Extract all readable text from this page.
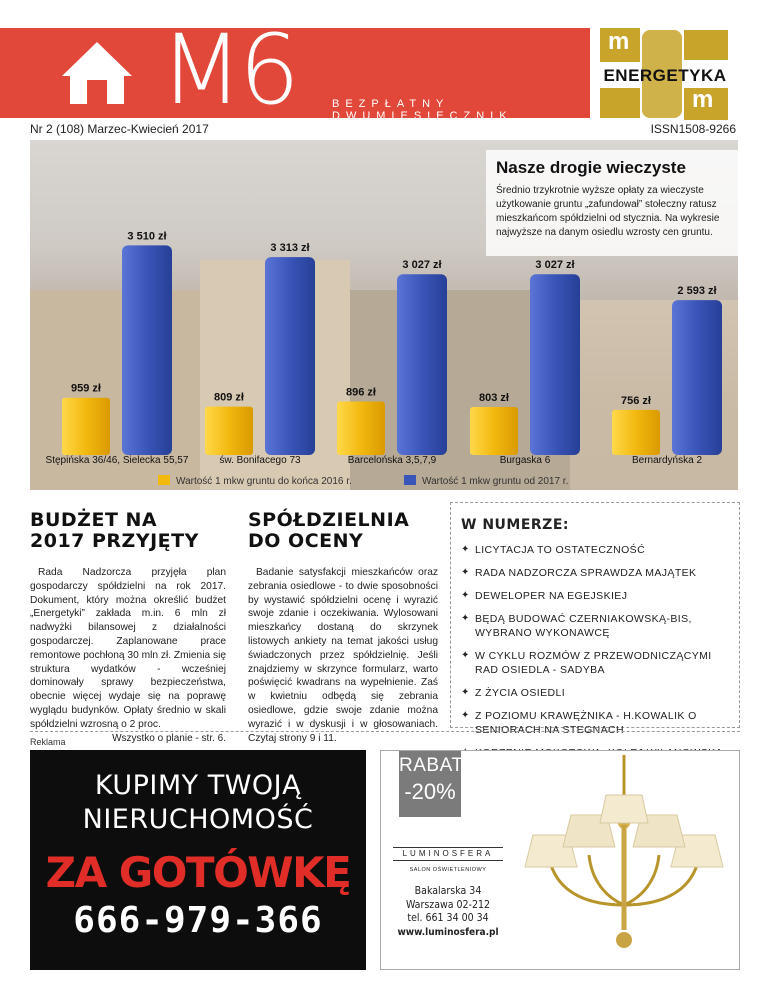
M6	BEZPŁATNY DWUMIESIECZNIK
m
ENERGETYKA
m
Nr 2 (108) Marzec-Kwiecień 2017	ISSN1508-9266
959 zł
3 510 zł
Stępińska 36/46, Sielecka 55,57
809 zł
3 313 zł
św. Bonifacego 73
896 zł
3 027 zł
Barcelońska 3,5,7,9
803 zł
3 027 zł
Burgaska 6
756 zł
2 593 zł
Bernardyńska 2
Nasze drogie wieczyste

Średnio trzykrotnie wyższe opłaty za wieczyste użytkowanie gruntu „zafundował” stołeczny ratusz mieszkańcom spółdzielni od stycznia. Na wykresie najwyższe na danym osiedlu wzrosty cen gruntu.

Wartość 1 mkw gruntu do końca 2016 r.	Wartość 1 mkw gruntu od 2017 r.
BUDŻET NA
2017 PRZYJĘTY

Rada Nadzorcza przyjęła plan gospodarczy spółdzielni na rok 2017. Dokument, który można określić budżet „Energetyki” zakłada m.in. 6 mln zł nadwyżki bilansowej z działalności gospodarczej. Zaplanowane prace remontowe pochłoną 30 mln zł. Zmienia się struktura wydatków - wcześniej dominowały sprawy bezpieczeństwa, obecnie więcej wydaje się na poprawę wyglądu budynków. Opłaty średnio w skali spółdzielni wzrosną o 2 proc.

Wszystko o planie - str. 6.

SPÓŁDZIELNIA
DO OCENY

Badanie satysfakcji mieszkańców oraz zebrania osiedlowe - to dwie sposobności by wystawić spółdzielni ocenę i wyrazić swoje zdanie i oczekiwania. Wylosowani mieszkańcy dostaną do skrzynek listowych ankiety na temat jakości usług świadczonych przez spółdzielnię. Jeśli znajdziemy w skrzynce formularz, warto poświęcić kwadrans na wypełnienie. Zaś w kwietniu odbędą się zebrania osiedlowe, gdzie swoje zdanie można wyrazić i w dyskusji i w głosowaniach. Czytaj strony 9 i 11.

W NUMERZE:
✦ LICYTACJA TO OSTATECZNOŚĆ
✦ RADA NADZORCZA SPRAWDZA MAJĄTEK
✦ DEWELOPER NA EGEJSKIEJ
✦ BĘDĄ BUDOWAĆ CZERNIAKOWSKĄ-BIS, WYBRANO WYKONAWCĘ
✦ W CYKLU ROZMÓW Z PRZEWODNICZĄCYMI RAD OSIEDLA - SADYBA
✦ Z ŻYCIA OSIEDLI
✦ Z POZIOMU KRAWĘŻNIKA - H.KOWALIK O SENIORACH NA STEGNACH
✦
Reklama
KUPIMY TWOJĄ
NIERUCHOMOŚĆ
ZA GOTÓWKĘ
666-979-366
RABAT
-20%
LUMINOSFERA
SALON OŚWIETLENIOWY
Bakalarska 34
Warszawa 02-212
tel. 661 34 00 34
www.luminosfera.pl
